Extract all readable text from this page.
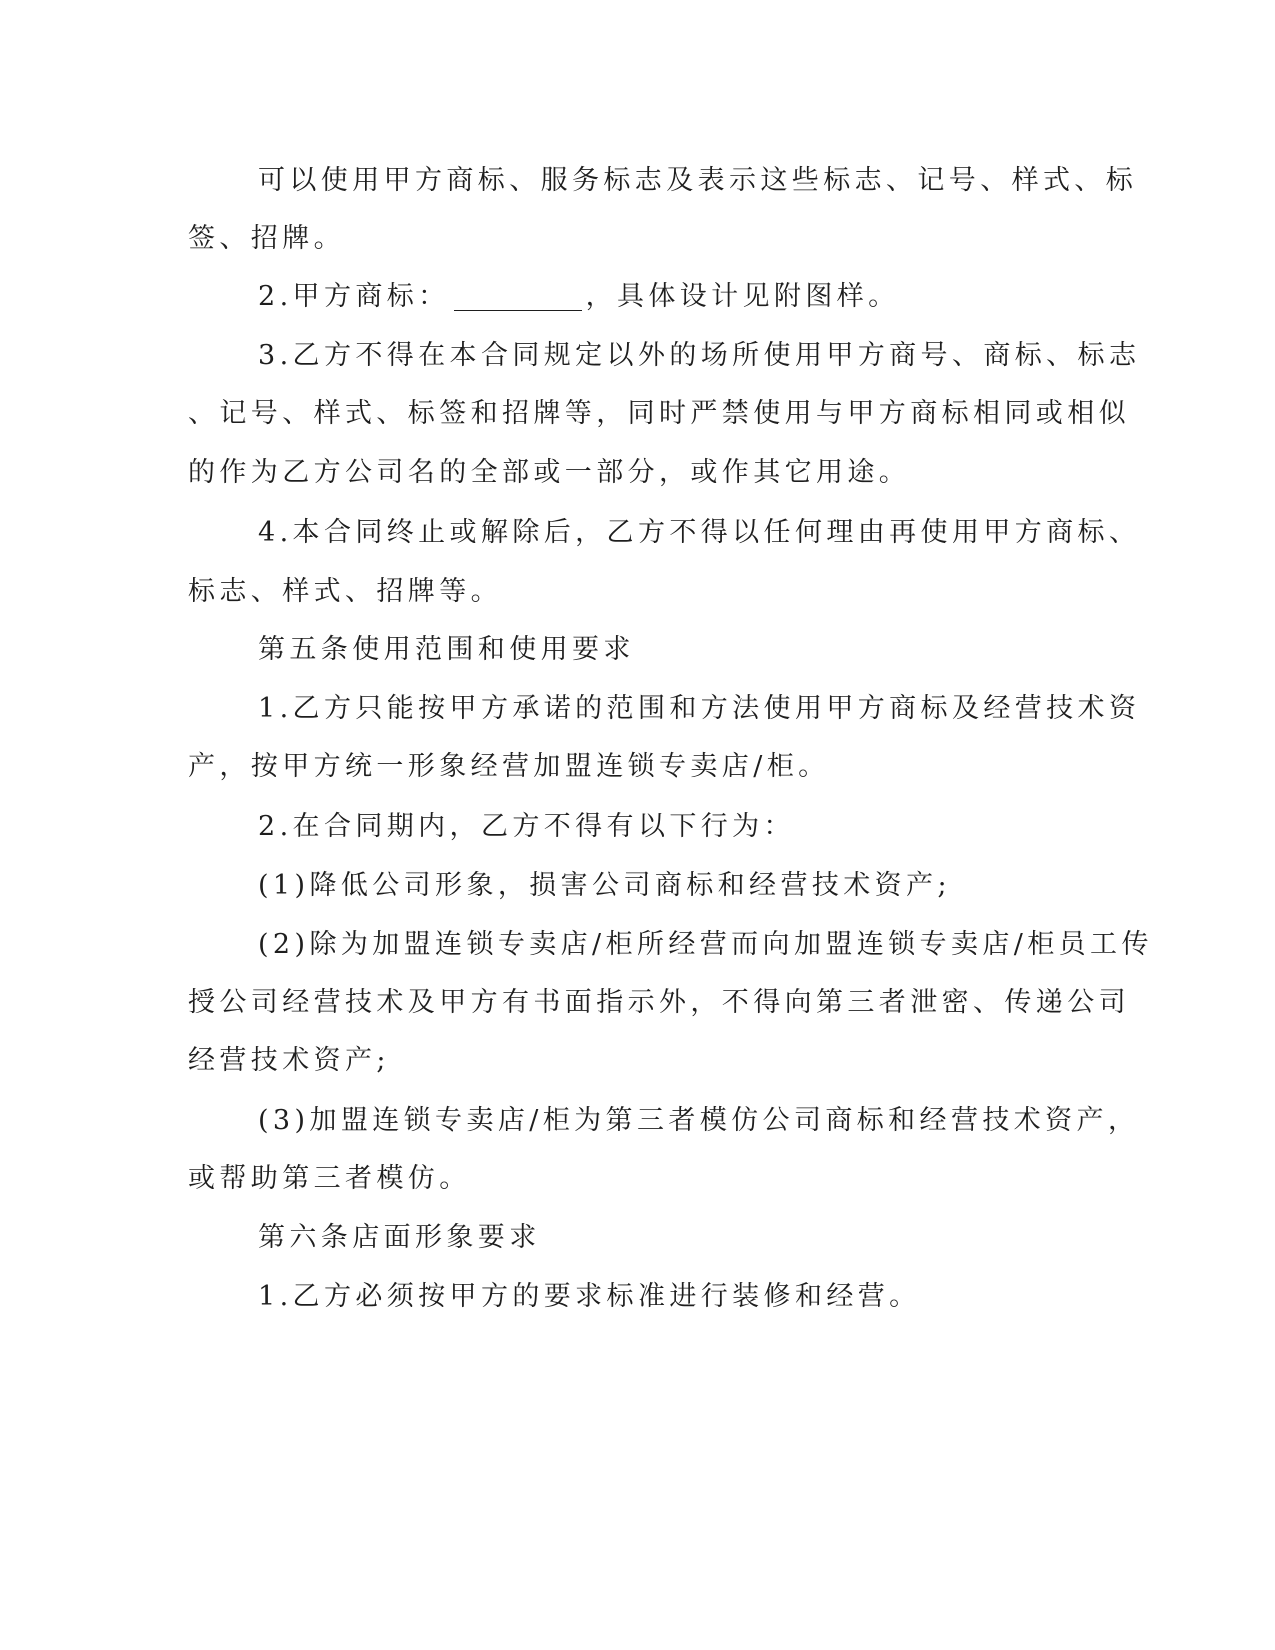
可以使用甲方商标、服务标志及表示这些标志、记号、样式、标

签、招牌。

2.甲方商标：	，具体设计见附图样。

3.乙方不得在本合同规定以外的场所使用甲方商号、商标、标志

、记号、样式、标签和招牌等，同时严禁使用与甲方商标相同或相似

的作为乙方公司名的全部或一部分，或作其它用途。

4.本合同终止或解除后，乙方不得以任何理由再使用甲方商标、

标志、样式、招牌等。

第五条使用范围和使用要求

1.乙方只能按甲方承诺的范围和方法使用甲方商标及经营技术资

产，按甲方统一形象经营加盟连锁专卖店/柜。

2.在合同期内，乙方不得有以下行为：

(1)降低公司形象，损害公司商标和经营技术资产;

(2)除为加盟连锁专卖店/柜所经营而向加盟连锁专卖店/柜员工传

授公司经营技术及甲方有书面指示外，不得向第三者泄密、传递公司

经营技术资产;

(3)加盟连锁专卖店/柜为第三者模仿公司商标和经营技术资产，

或帮助第三者模仿。

第六条店面形象要求

1.乙方必须按甲方的要求标准进行装修和经营。
